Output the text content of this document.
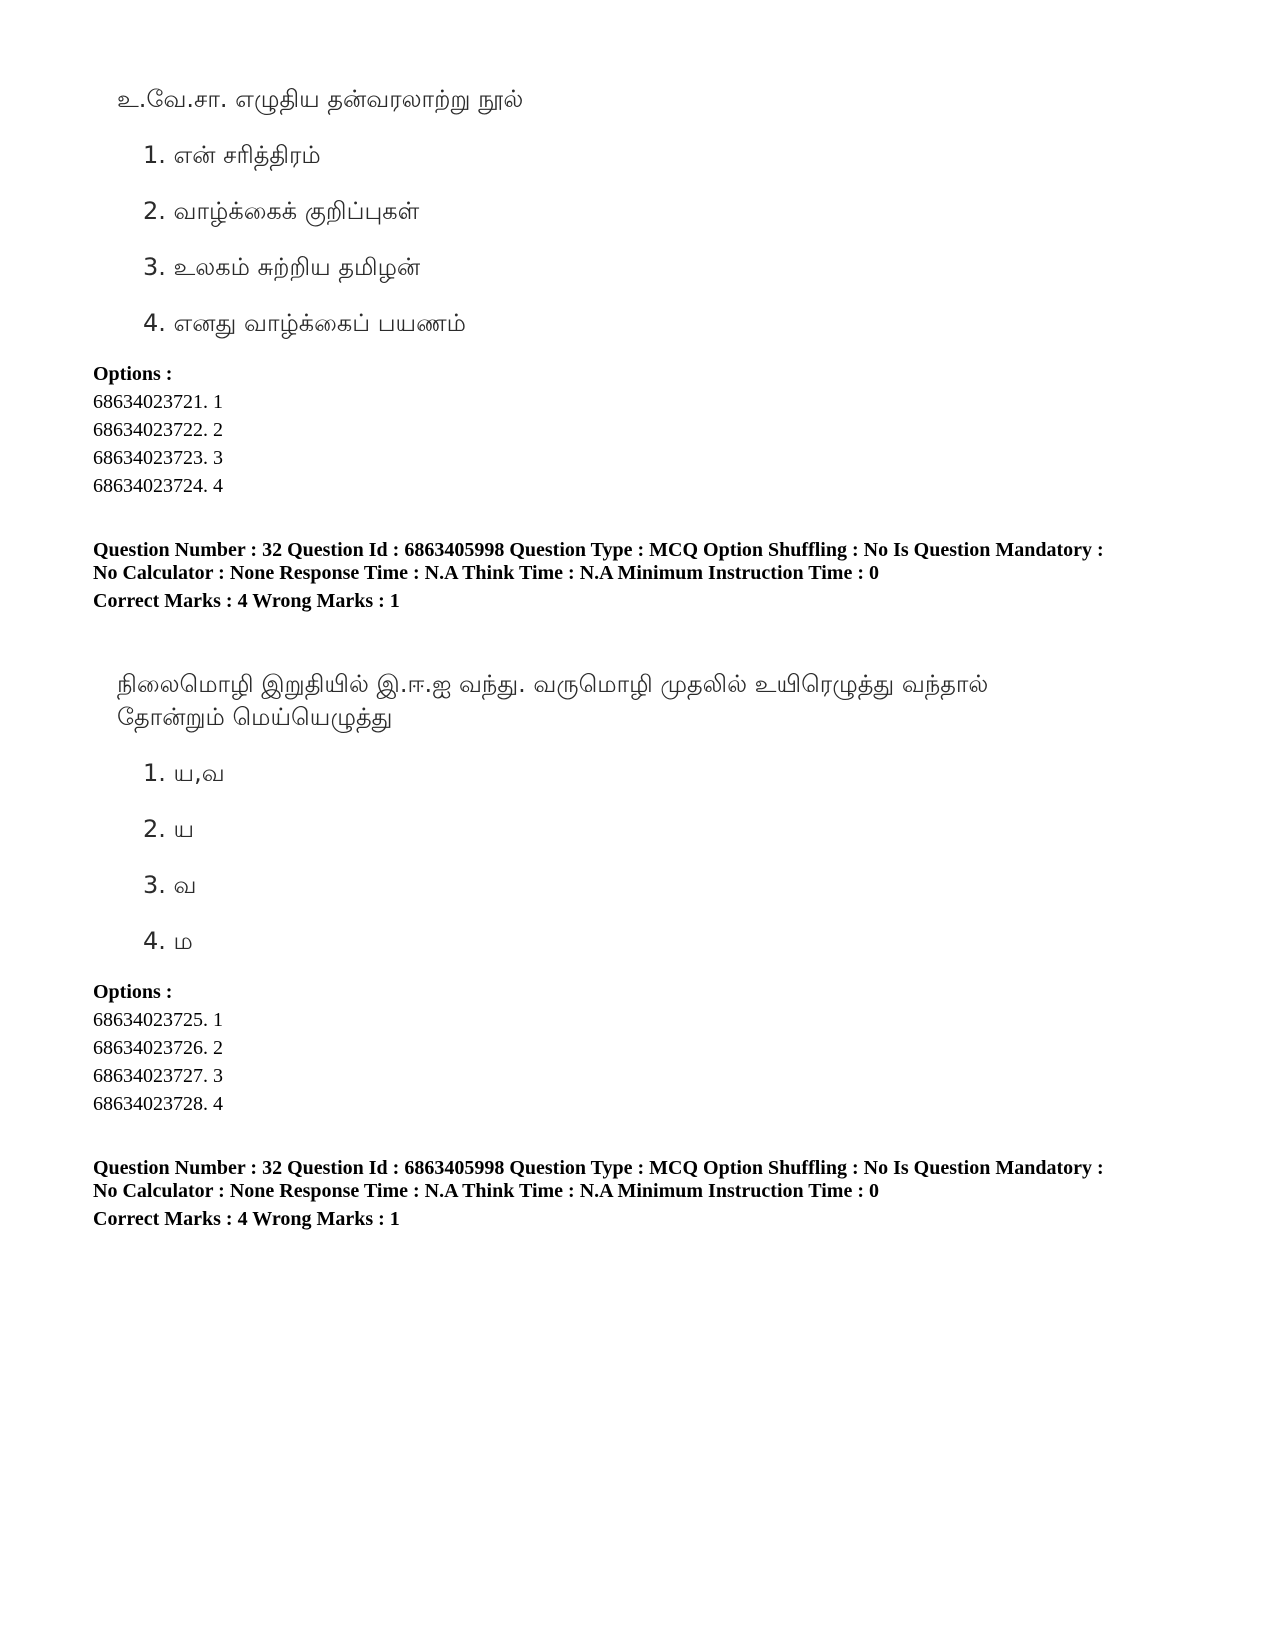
உ.வே.சா. எழுதிய தன்வரலாற்று நூல்
1. என் சரித்திரம்
2. வாழ்க்கைக் குறிப்புகள்
3. உலகம் சுற்றிய தமிழன்
4. எனது வாழ்க்கைப் பயணம்
Options :
68634023721. 1
68634023722. 2
68634023723. 3
68634023724. 4
Question Number : 32 Question Id : 6863405998 Question Type : MCQ Option Shuffling : No Is Question Mandatory :
No Calculator : None Response Time : N.A Think Time : N.A Minimum Instruction Time : 0
Correct Marks : 4 Wrong Marks : 1
நிலைமொழி இறுதியில் இ.ஈ.ஐ வந்து. வருமொழி முதலில் உயிரெழுத்து வந்தால்
தோன்றும் மெய்யெழுத்து
1. ய,வ
2. ய
3. வ
4. ம
Options :
68634023725. 1
68634023726. 2
68634023727. 3
68634023728. 4
Question Number : 32 Question Id : 6863405998 Question Type : MCQ Option Shuffling : No Is Question Mandatory :
No Calculator : None Response Time : N.A Think Time : N.A Minimum Instruction Time : 0
Correct Marks : 4 Wrong Marks : 1
